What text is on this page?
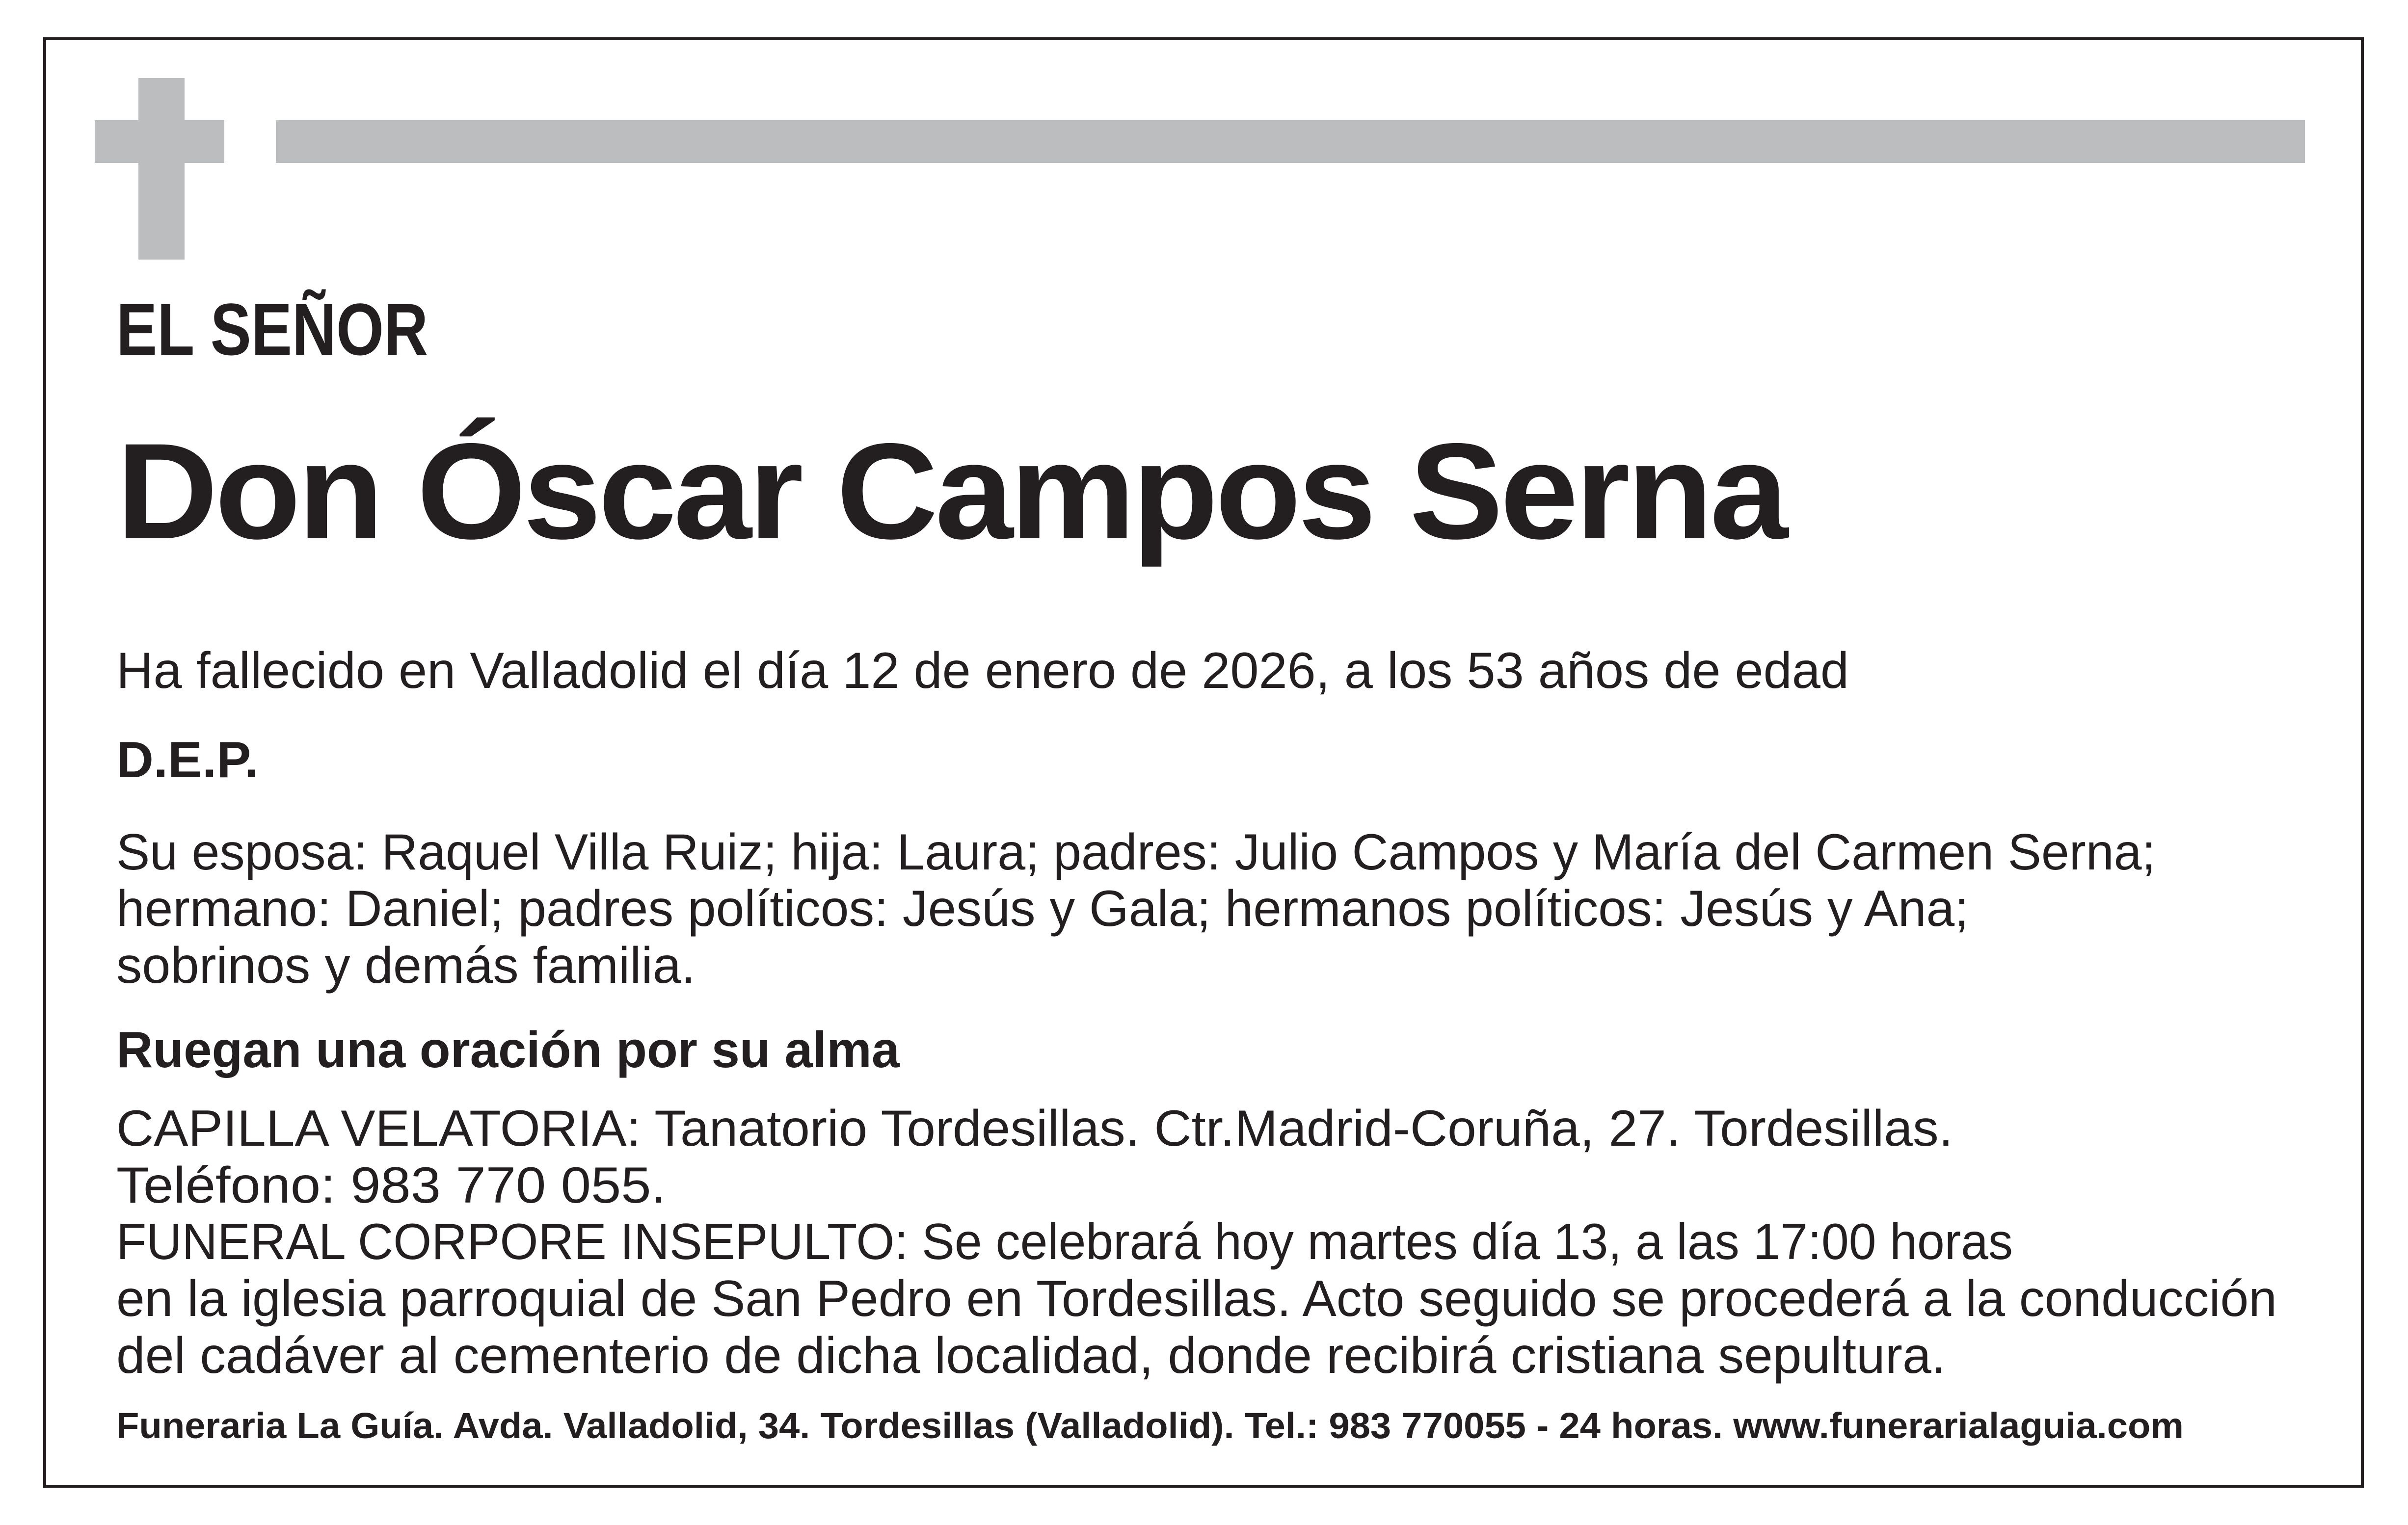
EL SEÑOR
Don Óscar Campos Serna
Ha fallecido en Valladolid el día 12 de enero de 2026, a los 53 años de edad
D.E.P.
Su esposa: Raquel Villa Ruiz; hija: Laura; padres: Julio Campos y María del Carmen Serna;
hermano: Daniel; padres políticos: Jesús y Gala; hermanos políticos: Jesús y Ana;
sobrinos y demás familia.
Ruegan una oración por su alma
CAPILLA VELATORIA: Tanatorio Tordesillas. Ctr.Madrid-Coruña, 27. Tordesillas.
Teléfono: 983 770 055.
FUNERAL CORPORE INSEPULTO: Se celebrará hoy martes día 13, a las 17:00 horas
en la iglesia parroquial de San Pedro en Tordesillas. Acto seguido se procederá a la conducción
del cadáver al cementerio de dicha localidad, donde recibirá cristiana sepultura.
Funeraria La Guía. Avda. Valladolid, 34. Tordesillas (Valladolid). Tel.: 983 770055 - 24 horas. www.funerarialaguia.com
